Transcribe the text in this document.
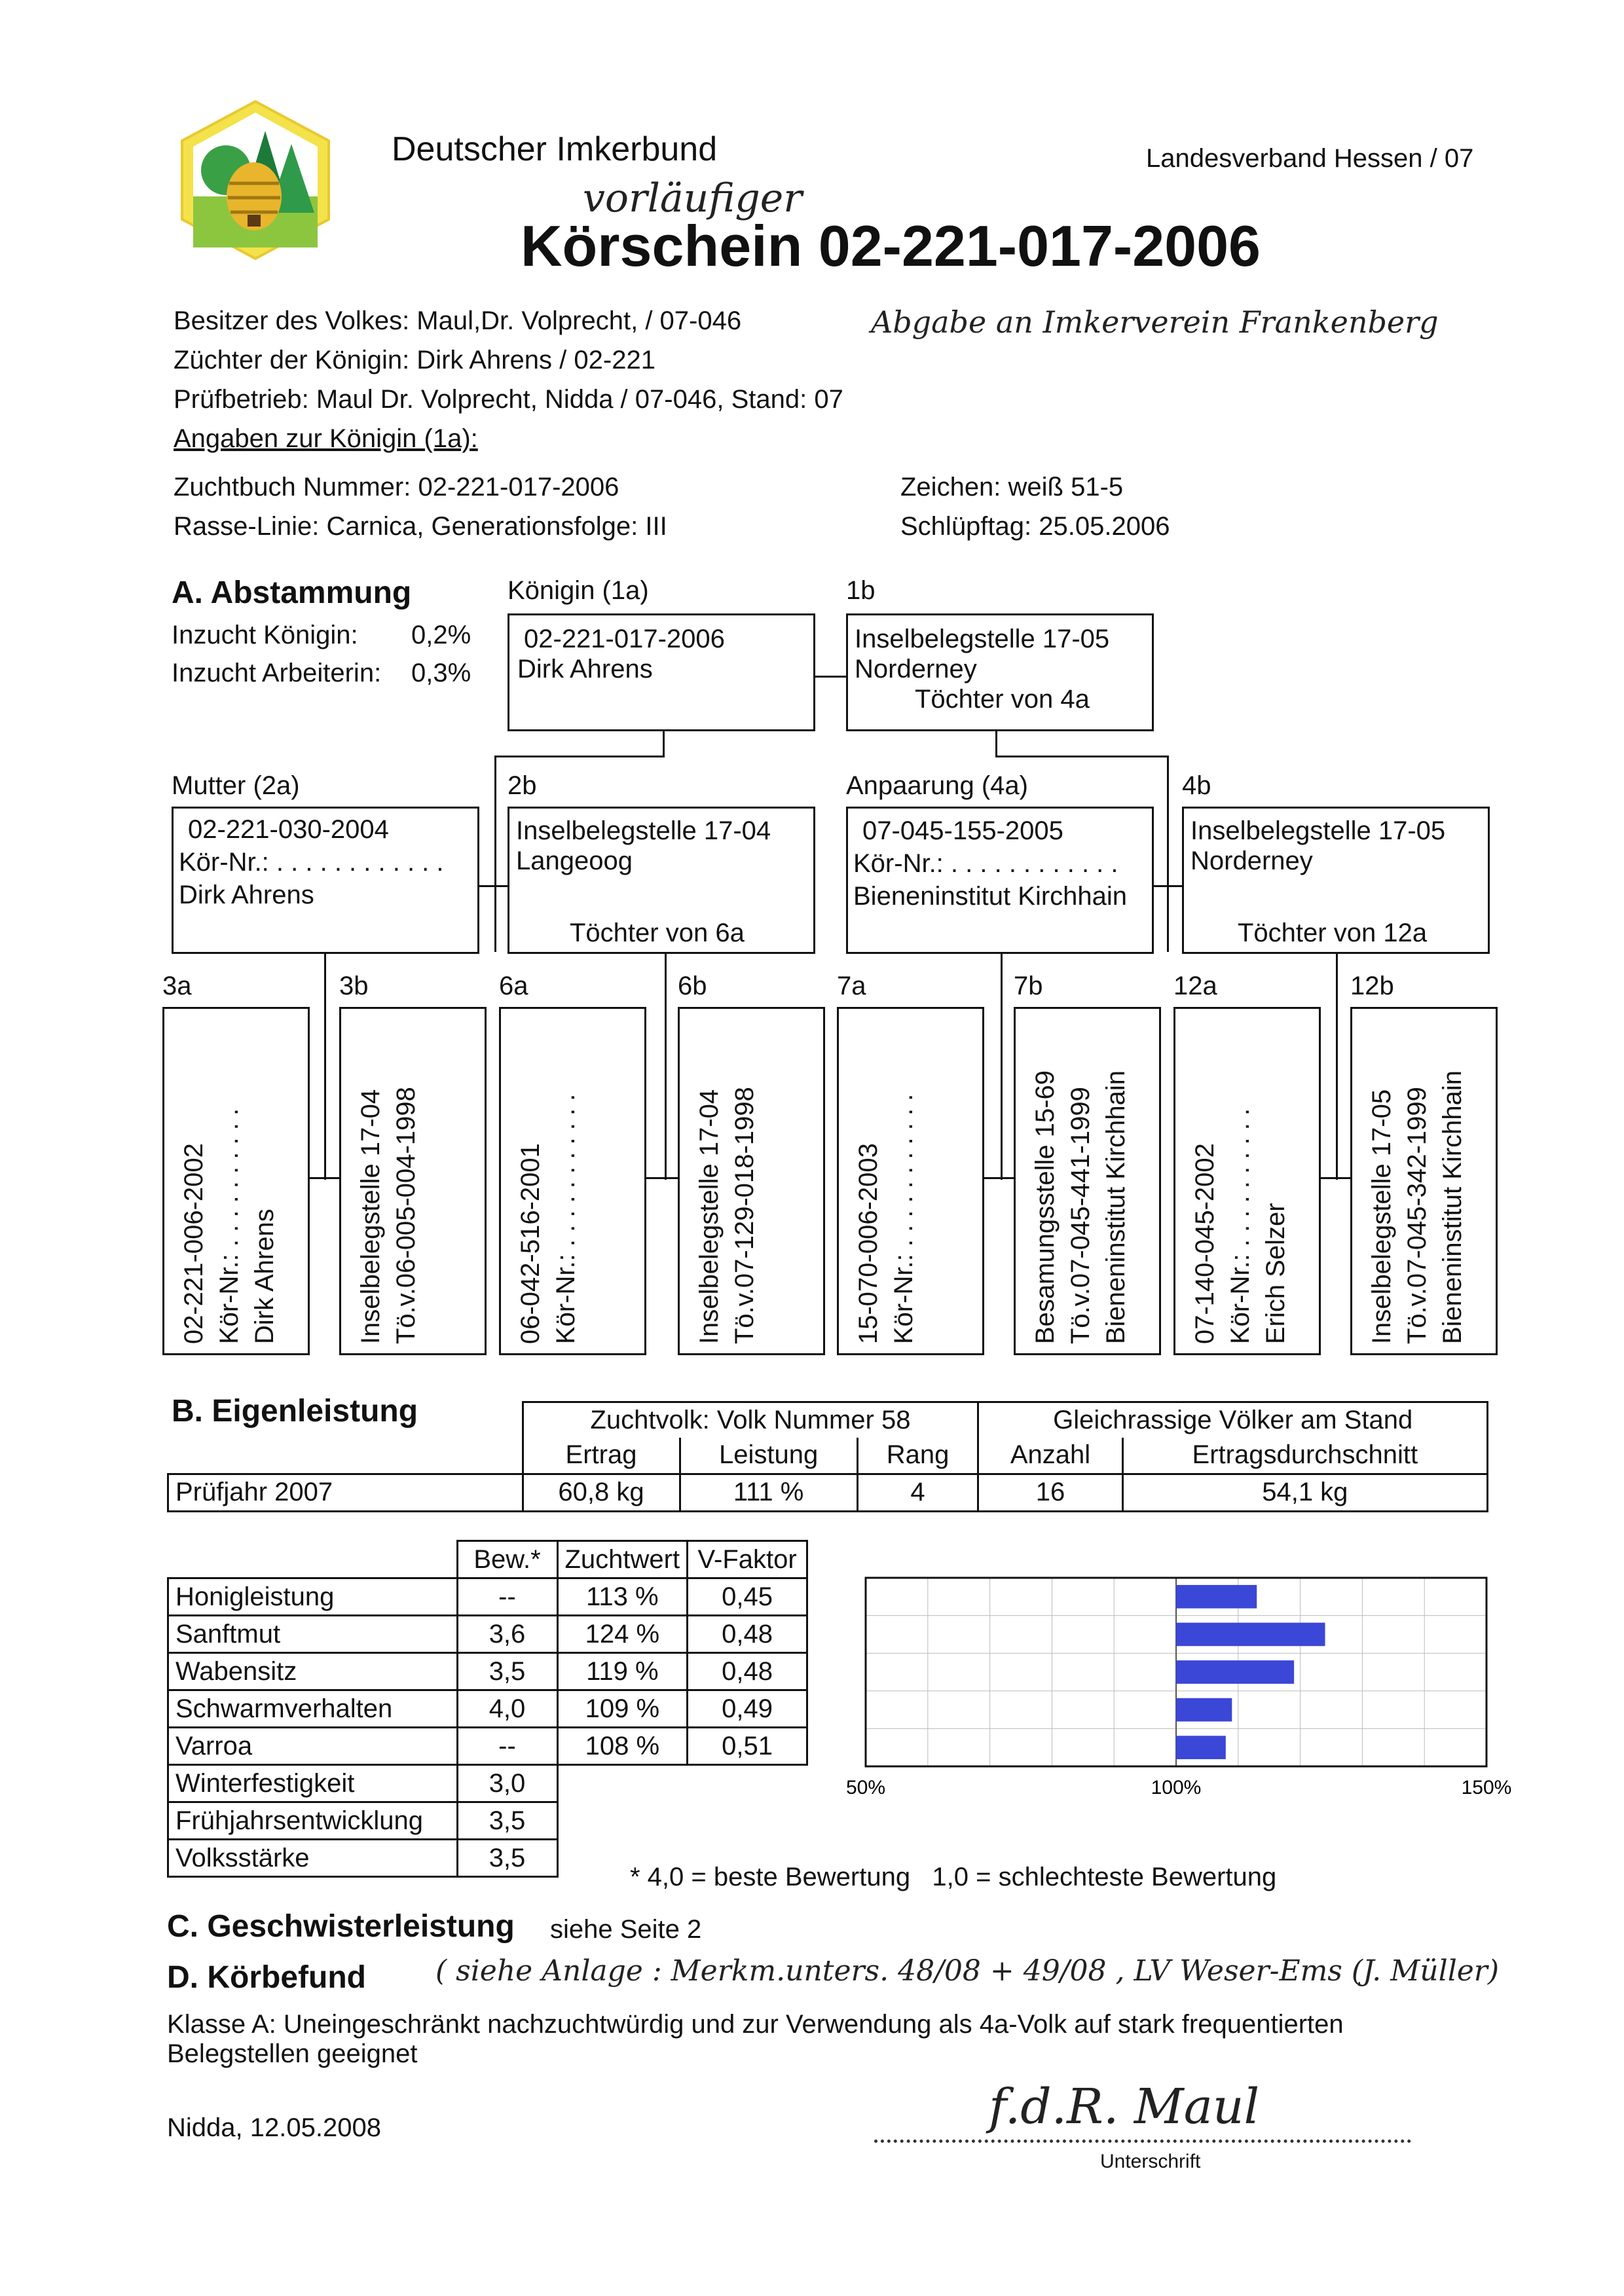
Deutscher Imkerbund	Landesverband Hessen / 07
vorläufiger
Körschein 02-221-017-2006
Abgabe an Imkerverein Frankenberg
Besitzer des Volkes: Maul,Dr. Volprecht, / 07-046
Züchter der Königin: Dirk Ahrens / 02-221
Prüfbetrieb: Maul Dr. Volprecht, Nidda / 07-046, Stand: 07
Angaben zur Königin (1a):
Zuchtbuch Nummer: 02-221-017-2006
Rasse-Linie: Carnica, Generationsfolge: III
Zeichen: weiß 51-5
Schlüpftag: 25.05.2006
A. Abstammung
Inzucht Königin: 0,2%
Inzucht Arbeiterin: 0,3%
Königin (1a)
02-221-017-2006
Dirk Ahrens
1b
Inselbelegstelle 17-05
Norderney
Töchter von 4a
Mutter (2a)
02-221-030-2004
Kör-Nr.: . . . . . . . . . . . .
Dirk Ahrens
2b
Inselbelegstelle 17-04
Langeoog
Töchter von 6a
Anpaarung (4a)
07-045-155-2005
Kör-Nr.: . . . . . . . . . . . .
Bieneninstitut Kirchhain
4b
Inselbelegstelle 17-05
Norderney
Töchter von 12a
3a
02-221-006-2002 Kör-Nr.: . . . . . . . . . . Dirk Ahrens
3b
Inselbelegstelle 17-04 Tö.v.06-005-004-1998
6a
06-042-516-2001 Kör-Nr.: . . . . . . . . . . .
6b
Inselbelegstelle 17-04 Tö.v.07-129-018-1998
7a
15-070-006-2003 Kör-Nr.: . . . . . . . . . . .
7b
Besamungsstelle 15-69 Tö.v.07-045-441-1999 Bieneninstitut Kirchhain
12a
07-140-045-2002 Kör-Nr.: . . . . . . . . . . Erich Selzer
12b
Inselbelegstelle 17-05 Tö.v.07-045-342-1999 Bieneninstitut Kirchhain
B. Eigenleistung
		Zuchtvolk: Volk Nummer 58			Gleichrassige Völker am Stand	
	Ertrag	Leistung	Rang	Anzahl	Ertragsdurchschnitt
Prüfjahr 2007	60,8 kg	111 %	4	16	54,1 kg
	Bew.*	Zuchtwert	V-Faktor
Honigleistung	--	113 %	0,45
Sanftmut	3,6	124 %	0,48
Wabensitz	3,5	119 %	0,48
Schwarmverhalten	4,0	109 %	0,49
Varroa	--	108 %	0,51
Winterfestigkeit	3,0		
Frühjahrsentwicklung	3,5		
Volksstärke	3,5		
50%	100%	150%
* 4,0 = beste Bewertung   1,0 = schlechteste Bewertung
C. Geschwisterleistung siehe Seite 2
D. Körbefund ( siehe Anlage : Merkm.unters. 48/08 + 49/08 , LV Weser-Ems (J. Müller)
Klasse A: Uneingeschränkt nachzuchtwürdig und zur Verwendung als 4a-Volk auf stark frequentierten
Belegstellen geeignet
Nidda, 12.05.2008	f.d.R. Maul
Unterschrift
